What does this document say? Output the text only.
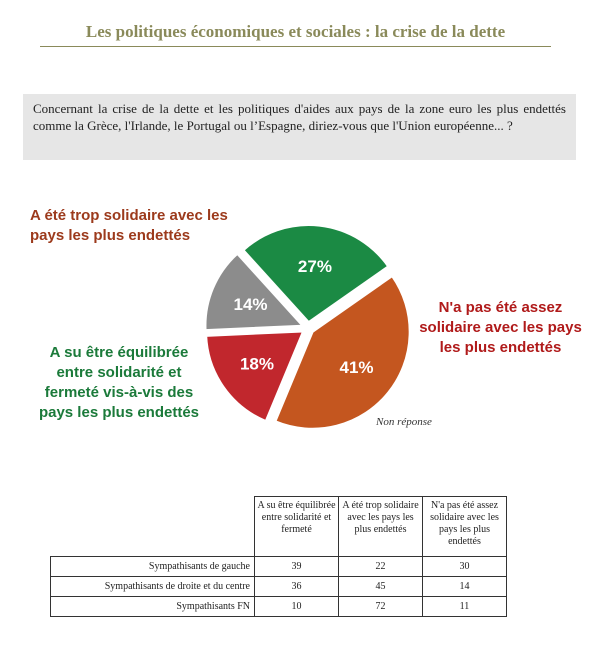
Les politiques économiques et sociales : la crise de la dette
Concernant la crise de la dette et les politiques d'aides aux pays de la zone euro les plus endettés comme la Grèce, l'Irlande, le Portugal ou l’Espagne, diriez-vous que l'Union européenne... ?
A été trop solidaire avec les pays les plus endettés
N'a pas été assez solidaire avec les pays les plus endettés
A su être équilibrée entre solidarité et fermeté vis-à-vis des pays les plus endettés
Non réponse
41%
18%
14%
27%
	A su être équilibrée entre solidarité et fermeté	A été trop solidaire avec les pays les plus endettés	N'a pas été assez solidaire avec les pays les plus endettés
Sympathisants de gauche	39	22	30
Sympathisants de droite et du centre	36	45	14
Sympathisants FN	10	72	11
